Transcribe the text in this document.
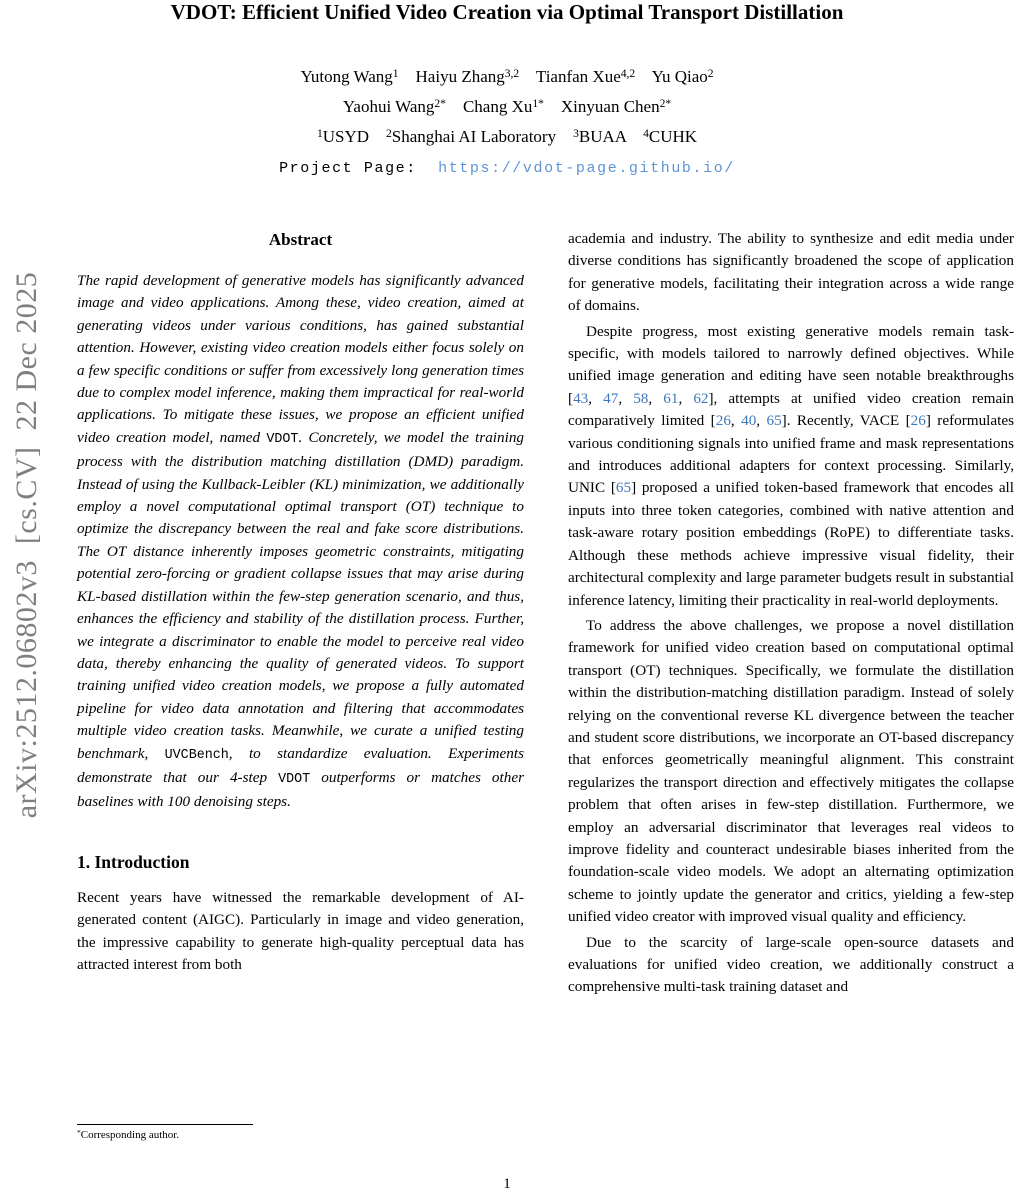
arXiv:2512.06802v3  [cs.CV]  22 Dec 2025
VDOT: Efficient Unified Video Creation via Optimal Transport Distillation
Yutong Wang$^1$ Haiyu Zhang$^{3,2}$ Tianfan Xue$^{4,2}$ Yu Qiao$^2$
Yaohui Wang$^{2*}$ Chang $Xu^{1*}$ Xinyuan Chen$^{2*}$
$^1$USYD $^2$Shanghai AI Laboratory $^3$BUAA $^4$CUHK
Project Page:  https://vdot-page.github.io/
Abstract

The rapid development of generative models has significantly advanced image and video applications. Among these, video creation, aimed at generating videos under various conditions, has gained substantial attention. However, existing video creation models either focus solely on a few specific conditions or suffer from excessively long generation times due to complex model inference, making them impractical for real-world applications. To mitigate these issues, we propose an efficient unified video creation model, named VDOT. Concretely, we model the training process with the distribution matching distillation (DMD) paradigm. Instead of using the Kullback-Leibler (KL) minimization, we additionally employ a novel computational optimal transport (OT) technique to optimize the discrepancy between the real and fake score distributions. The OT distance inherently imposes geometric constraints, mitigating potential zero-forcing or gradient collapse issues that may arise during KL-based distillation within the few-step generation scenario, and thus, enhances the efficiency and stability of the distillation process. Further, we integrate a discriminator to enable the model to perceive real video data, thereby enhancing the quality of generated videos. To support training unified video creation models, we propose a fully automated pipeline for video data annotation and filtering that accommodates multiple video creation tasks. Meanwhile, we curate a unified testing benchmark, UVCBench, to standardize evaluation. Experiments demonstrate that our 4-step VDOT outperforms or matches other baselines with 100 denoising steps.

1. Introduction

Recent years have witnessed the remarkable development of AI-generated content (AIGC). Particularly in image and video generation, the impressive capability to generate high-quality perceptual data has attracted interest from both

*Corresponding author.

academia and industry. The ability to synthesize and edit media under diverse conditions has significantly broadened the scope of application for generative models, facilitating their integration across a wide range of domains.

Despite progress, most existing generative models remain task-specific, with models tailored to narrowly defined objectives. While unified image generation and editing have seen notable breakthroughs [43, 47, 58, 61, 62], attempts at unified video creation remain comparatively limited [26, 40, 65]. Recently, VACE [26] reformulates various conditioning signals into unified frame and mask representations and introduces additional adapters for context processing. Similarly, UNIC [65] proposed a unified token-based framework that encodes all inputs into three token categories, combined with native attention and task-aware rotary position embeddings (RoPE) to differentiate tasks. Although these methods achieve impressive visual fidelity, their architectural complexity and large parameter budgets result in substantial inference latency, limiting their practicality in real-world deployments.

To address the above challenges, we propose a novel distillation framework for unified video creation based on computational optimal transport (OT) techniques. Specifically, we formulate the distillation within the distribution-matching distillation paradigm. Instead of solely relying on the conventional reverse KL divergence between the teacher and student score distributions, we incorporate an OT-based discrepancy that enforces geometrically meaningful alignment. This constraint regularizes the transport direction and effectively mitigates the collapse problem that often arises in few-step distillation. Furthermore, we employ an adversarial discriminator that leverages real videos to improve fidelity and counteract undesirable biases inherited from the foundation-scale video models. We adopt an alternating optimization scheme to jointly update the generator and critics, yielding a few-step unified video creator with improved visual quality and efficiency.

Due to the scarcity of large-scale open-source datasets and evaluations for unified video creation, we additionally construct a comprehensive multi-task training dataset and

1
